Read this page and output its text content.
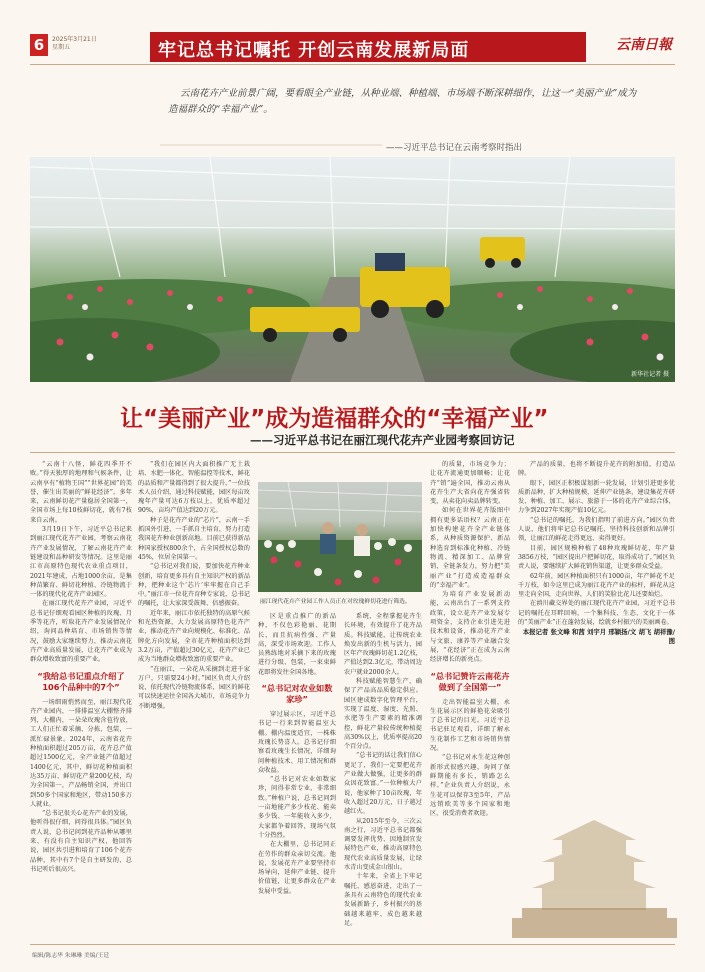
6	2025年3月21日
星期五	牢记总书记嘱托 开创云南发展新局面	云南日報
云南花卉产业前景广阔，要看眼全产业链，从种业端、种植端、市场端不断深耕细作，让这一“美丽产业”成为造福群众的“幸福产业”。
——习近平总书记在云南考察时指出
新华社记者 摄
让“美丽产业”成为造福群众的“幸福产业”
——习近平总书记在丽江现代花卉产业园考察回访记

“云南十八怪，鲜花四季开不败。”得天独厚的地理和气候条件，让云南享有“植物王国”“世界花园”的美誉，催生出美丽的“鲜花经济”。多年来，云南鲜切花产量稳居全国第一，全国市场上每10枝鲜切花，就有7枝来自云南。

3月19日下午，习近平总书记来到丽江现代花卉产业园，考察云南花卉产业发展情况，了解云南花卉产业链建设和品种研发等情况。这里是丽江市高原特色现代农业重点项目，2021年建成，占地1000余亩，是集种苗繁育、鲜切花种植、冷链物流于一体的现代化花卉产业园区。

在丽江现代花卉产业园，习近平总书记仔细观看园区种植的玫瑰、月季等花卉，听取花卉产业发展情况介绍，询问品种培育、市场销售等情况，鼓励大家继续努力，推动云南花卉产业高质量发展，让花卉产业成为群众增收致富的重要产业。

“我给总书记重点介绍了106个品种中的7个”

一场细雨悄然而至，丽江现代花卉产业园内，一排排温室大棚整齐排列，大棚内，一朵朵玫瑰含苞待放，工人们正忙着采摘、分拣、包装，一派忙碌景象。2024年，云南省花卉种植面积超过205万亩，花卉总产值超过1500亿元，全产业链产值超过1400亿元，其中，鲜切花种植面积达35万亩、鲜切花产量200亿枝，均为全国第一，产品畅销全国，并出口到50多个国家和地区，带动150多万人就业。

“总书记很关心花卉产业的发展，他听得很仔细，问得很具体。”园区负责人说，总书记问到花卉品种从哪里来、有没有自主知识产权，他回答说，园区共引进和培育了106个花卉品种，其中有7个是自主研发的，总书记听后很高兴。

“我们在园区内大面积推广无土栽培、水肥一体化、智能温控等技术，鲜花的品质和产量都得到了很大提升。”一位技术人员介绍，通过科技赋能，园区每亩玫瑰年产量可达6万枝以上，优质率超过90%，亩均产值达到20万元。

种子是花卉产业的“芯片”，云南一手抓国外引进，一手抓自主培育，努力打造我国花卉种业创新高地。目前已获得新品种国家授权800余个，占全国授权总数的45%，位居全国第一。

“总书记对我们说，要加快花卉种业创新，培育更多具有自主知识产权的新品种，把种业这个‘芯片’牢牢握在自己手中。”丽江市一位花卉育种专家说，总书记的嘱托，让大家深受鼓舞、倍感振奋。

近年来，丽江市依托独特的高原气候和光热资源，大力发展高原特色花卉产业，推动花卉产业向规模化、标准化、品牌化方向发展，全市花卉种植面积达到3.2万亩，产值超过30亿元，花卉产业已成为当地群众增收致富的重要产业。

“在丽江，一朵花从采摘到走进千家万户，只需要24小时。”园区负责人介绍说，依托现代冷链物流体系，园区的鲜花可以快速运往全国各大城市，市场竞争力不断增强。

丽江现代花卉产业园工作人员正在对玫瑰鲜切花进行筛选。

区是重点推广的新品种，不仅色彩艳丽、花期长，而且抗病性强、产量高，深受市场欢迎。工作人员熟练地对采摘下来的玫瑰进行分级、包装，一束束鲜花即将发往全国各地。

“总书记对农业如数家珍”

穿过展示区，习近平总书记一行来到智能温室大棚。棚内温度适宜，一株株玫瑰长势喜人。总书记仔细察看玫瑰生长情况，详细询问种植技术、用工情况和群众收益。

“总书记对农业如数家珍，问得非常专业、非常细致。”种植户说，总书记问到一亩地能产多少枝花、能卖多少钱、一年能收入多少，大家都争着回答，现场气氛十分热烈。

在大棚里，总书记同正在劳作的群众亲切交流。他说，发展花卉产业要坚持市场导向，延伸产业链、提升价值链，让更多群众在产业发展中受益。

系统，全程掌握花卉生长环境，有效提升了花卉品质。科技赋能，让传统农业焕发出新的生机与活力，园区年产玫瑰鲜切花1.2亿枝，产值达到2.3亿元，带动周边农户就业2000余人。

科技赋能智慧生产，确保了产品高品质稳定供应。园区建成数字化管理平台，实现了温度、湿度、光照、水肥等生产要素的精准调控，鲜花产量较传统种植提高30%以上，优质率提高20个百分点。

“总书记的话让我们信心更足了，我们一定要把花卉产业做大做强，让更多的群众因花致富。”一位种植大户说，他家种了10亩玫瑰，年收入超过20万元，日子越过越红火。

从2015年至今，三次云南之行，习近平总书记都强调要发挥优势、因地制宜发展特色产业，推动高原特色现代农业高质量发展，让绿水青山变成金山银山。

十年来，全省上下牢记嘱托、感恩奋进，走出了一条具有云南特色的现代农业发展新路子，乡村振兴的基础越来越牢、成色越来越足。

的质量，市场竞争力；让花卉流通更加顺畅；让花卉“销”遍全国，推动云南从花卉生产大省向花卉强省转变，从卖花向卖品牌转变。

如何在世界花卉版图中拥有更多话语权？云南正在加快构建花卉全产业链体系，从种质资源保护、新品种选育到标准化种植、冷链物流、精深加工、品牌营销，全链条发力，努力把“美丽产业”打造成造福群众的“幸福产业”。

为培育产业发展新动能，云南出台了一系列支持政策，设立花卉产业发展专项资金，支持企业引进先进技术和设备，推动花卉产业与文旅、康养等产业融合发展，“花经济”正在成为云南经济增长的新亮点。

“总书记赞许云南花卉做到了全国第一”

走出智能温室大棚，永生花展示区的鲜艳花朵吸引了总书记的目光。习近平总书记驻足观看，详细了解永生花制作工艺和市场销售情况。

“总书记对永生花这种创新形式很感兴趣，询问了保鲜期能有多长，销路怎么样。”企业负责人介绍说，永生花可以保存3至5年，产品远销欧美等多个国家和地区，很受消费者欢迎。

产品的质量，也将不断提升花卉的附加值，打造品牌。

眼下，园区正积极谋划新一轮发展，计划引进更多优质新品种，扩大种植规模，延伸产业链条，建设集花卉研发、种植、加工、展示、旅游于一体的花卉产业综合体，力争到2027年实现产值10亿元。

“总书记的嘱托，为我们指明了前进方向。”园区负责人说，他们将牢记总书记嘱托，坚持科技创新和品牌引领，让丽江的鲜花走得更远、卖得更好。

目前，园区规模种植了48种玫瑰鲜切花，年产量3856万枝，“园区提出户把鲜切花，取得成功了，”园区负责人说，要继续扩大鲜花销售渠道，让更多群众受益。

62年前，园区种植面积只有1000亩，年产鲜花不足千万枝，如今这里已成为丽江花卉产业的标杆，鲜花从这里走向全国，走向世界，人们的笑脸比花儿还要灿烂。

在滇川藏交界处的丽江现代花卉产业园，习近平总书记的嘱托在耳畔回响，一个集科技、生态、文化于一体的“美丽产业”正在蓬勃发展，绘就乡村振兴的美丽画卷。

本报记者 张文峰 和茜 刘宇月 邢颖扬/文 胡飞 胡祥豫/图

编辑/陈志华 朱琳琳 美编/王廷
